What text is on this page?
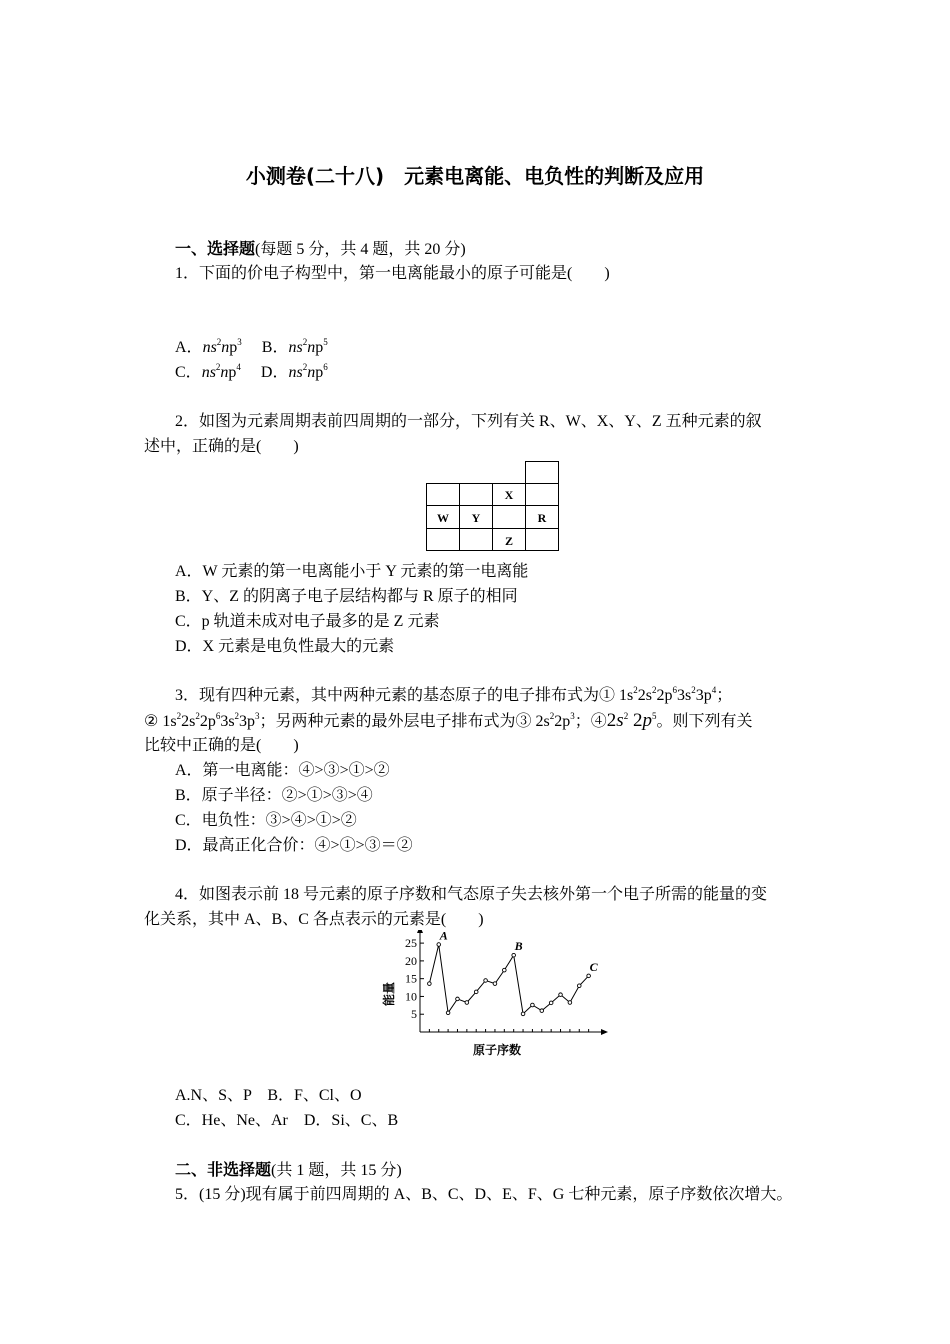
小测卷(二十八) 元素电离能、电负性的判断及应用
一、选择题(每题 5 分，共 4 题，共 20 分)
1．下面的价电子构型中，第一电离能最小的原子可能是(　　)
A．$ns^2np^3$ B．$ns^2np^5$
C．$ns^2np^4$ D．$ns^2np^6$
2．如图为元素周期表前四周期的一部分，下列有关 R、W、X、Y、Z 五种元素的叙
述中，正确的是(　　)
X
W Y	R
Z
A．W 元素的第一电离能小于 Y 元素的第一电离能
B．Y、Z 的阴离子电子层结构都与 R 原子的相同
C．p 轨道未成对电子最多的是 Z 元素
D．X 元素是电负性最大的元素
3．现有四种元素，其中两种元素的基态原子的电子排布式为① $1s^22s^22p^63s^23p^4$；
② $1s^22s^22p^63s^23p^3$；另两种元素的最外层电子排布式为③ $2s^22p^3$；$④2s^2$ $2p^5$。则下列有关
比较中正确的是(　　)
A．第一电离能：④>③>①>②
B．原子半径：②>①>③>④
C．电负性：③>④>①>②
D．最高正化合价：④>①>③＝②
4．如图表示前 18 号元素的原子序数和气态原子失去核外第一个电子所需的能量的变
化关系，其中 A、B、C 各点表示的元素是(　　)
5
10
15
20
25
A
B
C
能量
原子序数
A.N、S、P　B．F、Cl、O
C．He、Ne、Ar　D．Si、C、B
二、非选择题(共 1 题，共 15 分)
5．(15 分)现有属于前四周期的 A、B、C、D、E、F、G 七种元素，原子序数依次增大。
